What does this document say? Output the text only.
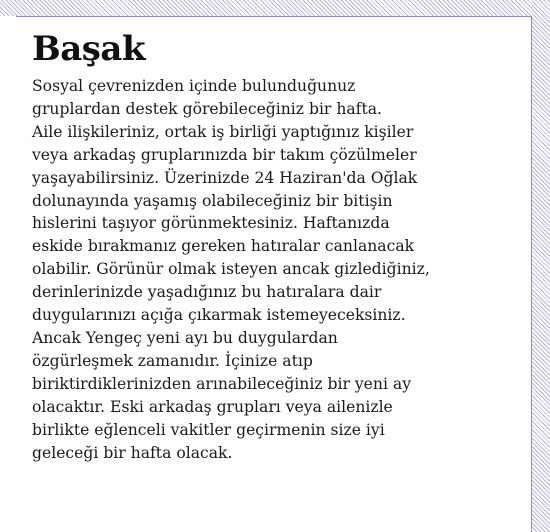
Başak

Sosyal çevrenizden içinde bulunduğunuz
gruplardan destek görebileceğiniz bir hafta.
Aile ilişkileriniz, ortak iş birliği yaptığınız kişiler
veya arkadaş gruplarınızda bir takım çözülmeler
yaşayabilirsiniz. Üzerinizde 24 Haziran'da Oğlak
dolunayında yaşamış olabileceğiniz bir bitişin
hislerini taşıyor görünmektesiniz. Haftanızda
eskide bırakmanız gereken hatıralar canlanacak
olabilir. Görünür olmak isteyen ancak gizlediğiniz,
derinlerinizde yaşadığınız bu hatıralara dair
duygularınızı açığa çıkarmak istemeyeceksiniz.
Ancak Yengeç yeni ayı bu duygulardan
özgürleşmek zamanıdır. İçinize atıp
biriktirdiklerinizden arınabileceğiniz bir yeni ay
olacaktır. Eski arkadaş grupları veya ailenizle
birlikte eğlenceli vakitler geçirmenin size iyi
geleceği bir hafta olacak.
